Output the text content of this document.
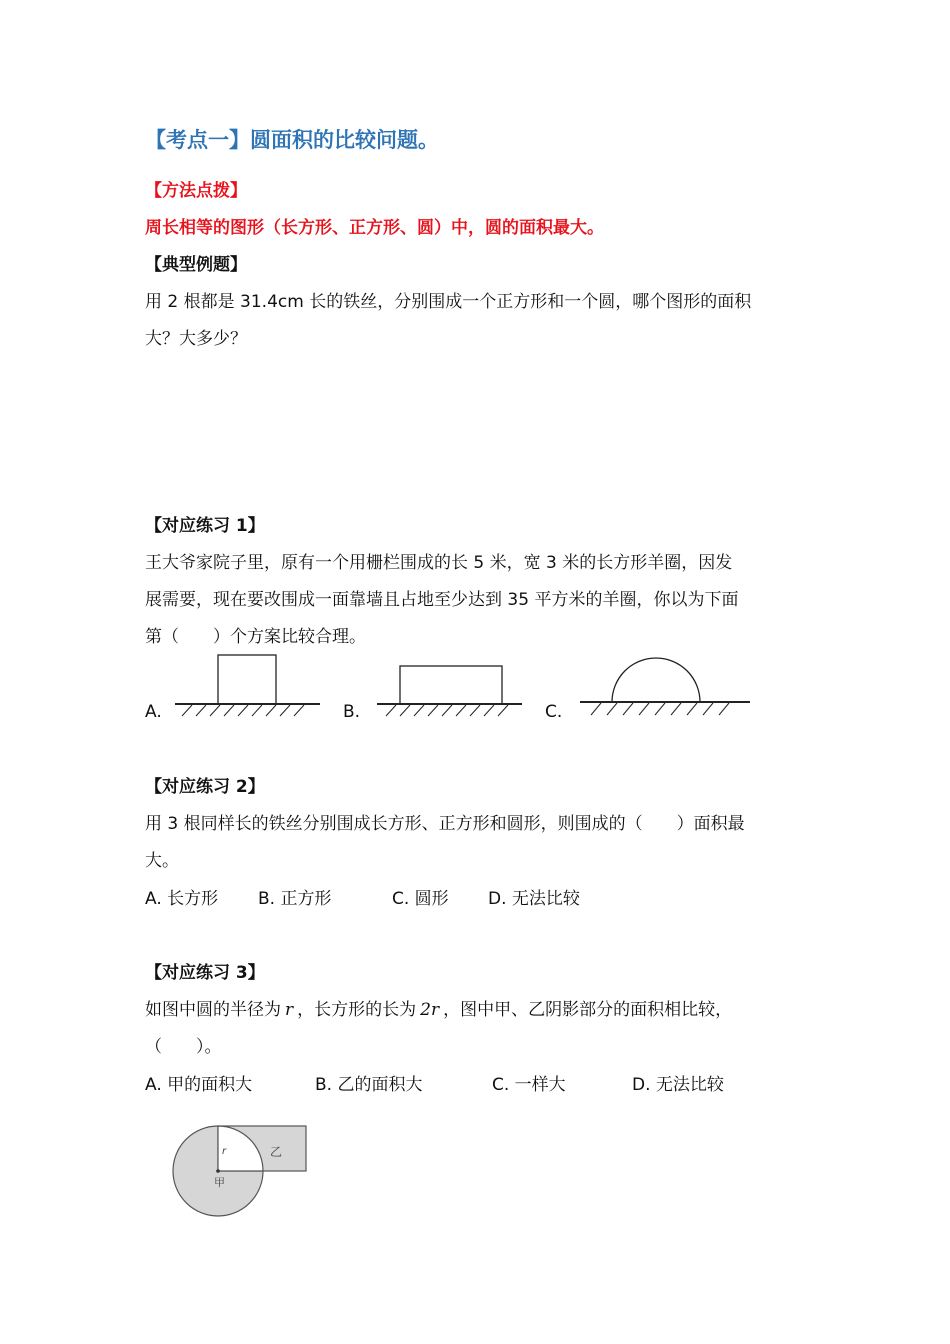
【考点一】圆面积的比较问题。
【方法点拨】
周长相等的图形（长方形、正方形、圆）中，圆的面积最大。
【典型例题】
用 2 根都是 31.4cm 长的铁丝，分别围成一个正方形和一个圆，哪个图形的面积
大？大多少？
【对应练习 1】
王大爷家院子里，原有一个用栅栏围成的长 5 米，宽 3 米的长方形羊圈，因发
展需要，现在要改围成一面靠墙且占地至少达到 35 平方米的羊圈，你以为下面
第（　　）个方案比较合理。
A.	B.	C.
【对应练习 2】
用 3 根同样长的铁丝分别围成长方形、正方形和圆形，则围成的（　　）面积最
大。
A. 长方形 B. 正方形	C. 圆形 D. 无法比较
【对应练习 3】
如图中圆的半径为 r ，长方形的长为 2r ，图中甲、乙阴影部分的面积相比较，
（　　）。
A. 甲的面积大	B. 乙的面积大	C. 一样大	D. 无法比较
r
甲
乙
